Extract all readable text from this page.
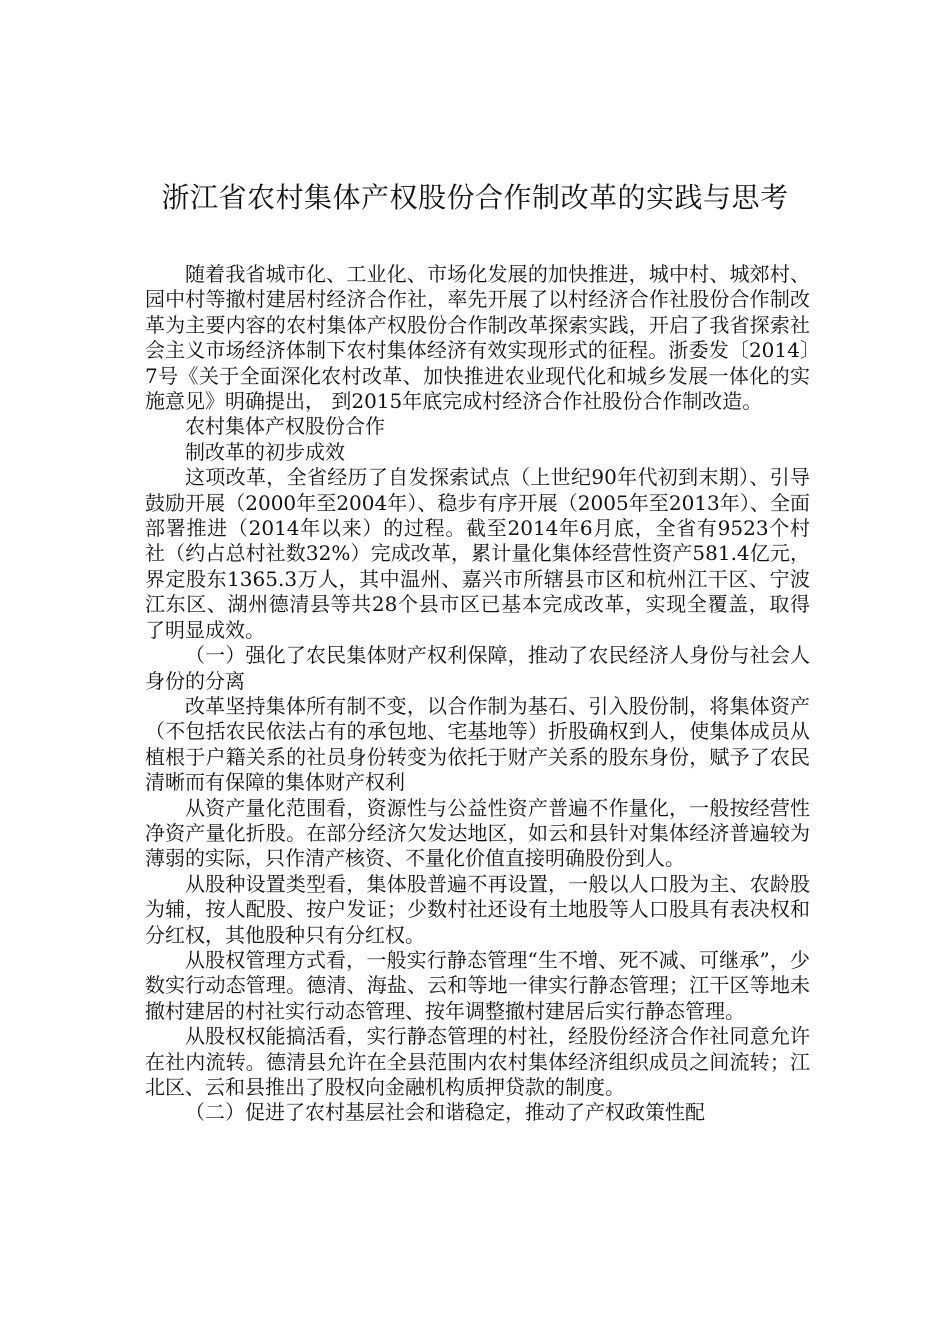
浙江省农村集体产权股份合作制改革的实践与思考

随着我省城市化、工业化、市场化发展的加快推进，城中村、城郊村、园中村等撤村建居村经济合作社，率先开展了以村经济合作社股份合作制改革为主要内容的农村集体产权股份合作制改革探索实践，开启了我省探索社会主义市场经济体制下农村集体经济有效实现形式的征程。浙委发〔2014〕7号《关于全面深化农村改革、加快推进农业现代化和城乡发展一体化的实施意见》明确提出， 到2015年底完成村经济合作社股份合作制改造。

农村集体产权股份合作

制改革的初步成效

这项改革，全省经历了自发探索试点（上世纪90年代初到末期）、引导鼓励开展（2000年至2004年）、稳步有序开展（2005年至2013年）、全面部署推进（2014年以来）的过程。截至2014年6月底，全省有9523个村社（约占总村社数32%）完成改革，累计量化集体经营性资产581.4亿元，界定股东1365.3万人，其中温州、嘉兴市所辖县市区和杭州江干区、宁波江东区、湖州德清县等共28个县市区已基本完成改革，实现全覆盖，取得了明显成效。

（一）强化了农民集体财产权利保障，推动了农民经济人身份与社会人身份的分离

改革坚持集体所有制不变，以合作制为基石、引入股份制，将集体资产（不包括农民依法占有的承包地、宅基地等）折股确权到人，使集体成员从植根于户籍关系的社员身份转变为依托于财产关系的股东身份，赋予了农民清晰而有保障的集体财产权利

从资产量化范围看，资源性与公益性资产普遍不作量化，一般按经营性净资产量化折股。在部分经济欠发达地区，如云和县针对集体经济普遍较为薄弱的实际，只作清产核资、不量化价值直接明确股份到人。

从股种设置类型看，集体股普遍不再设置，一般以人口股为主、农龄股为辅，按人配股、按户发证；少数村社还设有土地股等人口股具有表决权和分红权，其他股种只有分红权。

从股权管理方式看，一般实行静态管理“生不增、死不减、可继承”，少数实行动态管理。德清、海盐、云和等地一律实行静态管理；江干区等地未撤村建居的村社实行动态管理、按年调整撤村建居后实行静态管理。

从股权权能搞活看，实行静态管理的村社，经股份经济合作社同意允许在社内流转。德清县允许在全县范围内农村集体经济组织成员之间流转；江北区、云和县推出了股权向金融机构质押贷款的制度。

（二）促进了农村基层社会和谐稳定，推动了产权政策性配
